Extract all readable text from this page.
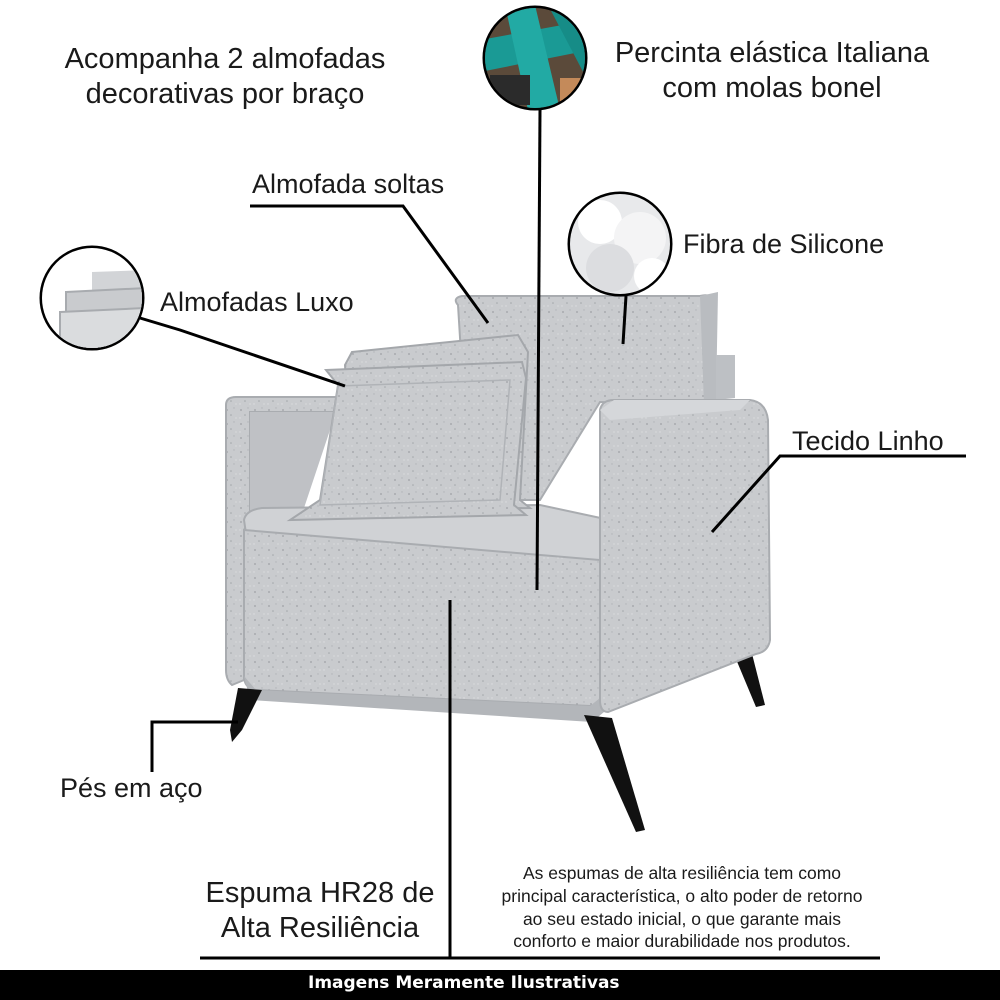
Acompanha 2 almofadas
decorativas por braço
Percinta elástica Italiana
com molas bonel
Almofada soltas
Fibra de Silicone
Almofadas Luxo
Tecido Linho
Pés em aço
Espuma HR28 de
Alta Resiliência
As espumas de alta resiliência tem como
principal característica, o alto poder de retorno
ao seu estado inicial, o que garante mais
conforto e maior durabilidade nos produtos.
Imagens Meramente Ilustrativas
